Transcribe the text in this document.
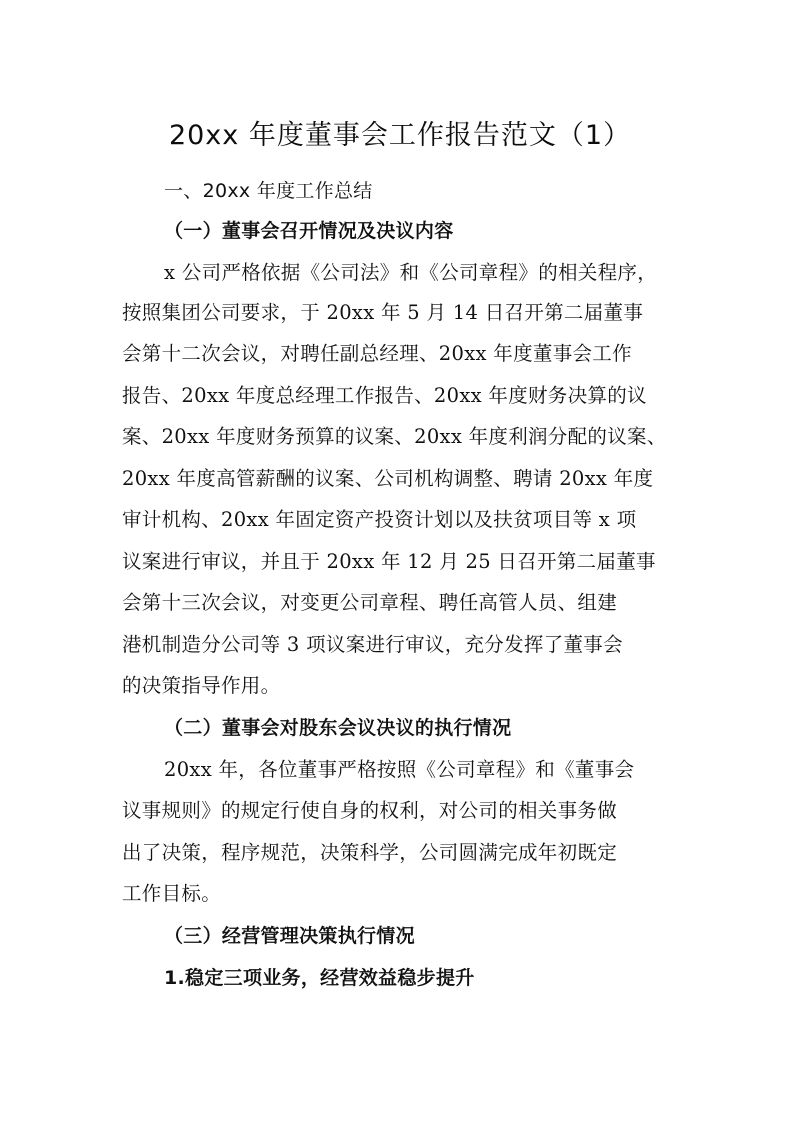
20xx 年度董事会工作报告范文（1）
一、20xx 年度工作总结
（一）董事会召开情况及决议内容
x 公司严格依据《公司法》和《公司章程》的相关程序，
按照集团公司要求，于 20xx 年 5 月 14 日召开第二届董事
会第十二次会议，对聘任副总经理、20xx 年度董事会工作
报告、20xx 年度总经理工作报告、20xx 年度财务决算的议
案、20xx 年度财务预算的议案、20xx 年度利润分配的议案、
20xx 年度高管薪酬的议案、公司机构调整、聘请 20xx 年度
审计机构、20xx 年固定资产投资计划以及扶贫项目等 x 项
议案进行审议，并且于 20xx 年 12 月 25 日召开第二届董事
会第十三次会议，对变更公司章程、聘任高管人员、组建
港机制造分公司等 3 项议案进行审议，充分发挥了董事会
的决策指导作用。
（二）董事会对股东会议决议的执行情况
20xx 年，各位董事严格按照《公司章程》和《董事会
议事规则》的规定行使自身的权利，对公司的相关事务做
出了决策，程序规范，决策科学，公司圆满完成年初既定
工作目标。
（三）经营管理决策执行情况
1.稳定三项业务，经营效益稳步提升
